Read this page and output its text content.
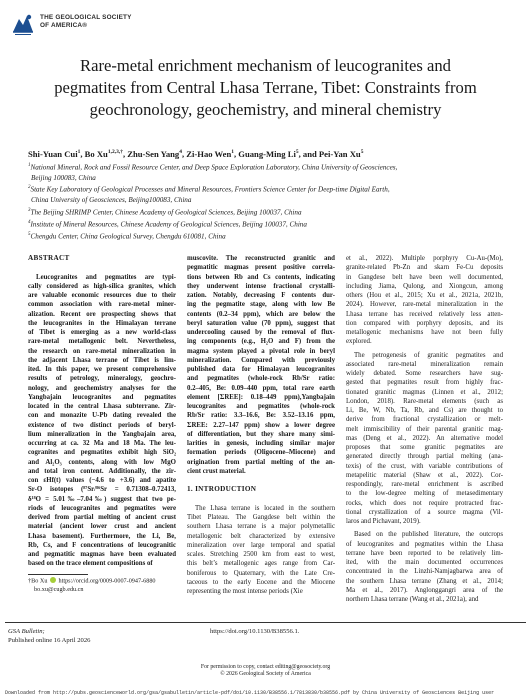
THE GEOLOGICAL SOCIETY
OF AMERICA®
Rare-metal enrichment mechanism of leucogranites and
pegmatites from Central Lhasa Terrane, Tibet: Constraints from
geochronology, geochemistry, and mineral chemistry
Shi-Yuan Cui$^1$, Bo $Xu^{1,2,3,\dagger}$, Zhu-Sen Yang$^4$, Zi-Hao Wen$^1$, Guang-Ming Li$^5$, and Pei-Yan Xu$^5$
$^1$National Mineral, Rock and Fossil Resource Center, and Deep Space Exploration Laboratory, China University of Geosciences,
Beijing 100083, China
$^2$State Key Laboratory of Geological Processes and Mineral Resources, Frontiers Science Center for Deep-time Digital Earth,
China University of Geosciences, Beijing100083, China
$^3$The Beijing SHRIMP Center, Chinese Academy of Geological Sciences, Beijing 100037, China
$^4$Institute of Mineral Resources, Chinese Academy of Geological Sciences, Beijing 100037, China
$^5$Chengdu Center, China Geological Survey, Chengdu 610081, China
ABSTRACT
Leucogranites and pegmatites are typi-
cally considered as high-silica granites, which
are valuable economic resources due to their
common association with rare-metal miner-
alization. Recent ore prospecting shows that
the leucogranites in the Himalayan terrane
of Tibet is emerging as a new world-class
rare-metal metallogenic belt. Nevertheless,
the research on rare-metal mineralization in
the adjacent Lhasa terrane of Tibet is lim-
ited. In this paper, we present comprehensive
results of petrology, mineralogy, geochro-
nology, and geochemistry analyses for the
Yangbajain leucogranites and pegmatites
located in the central Lhasa subterrane. Zir-
con and monazite U-Pb dating revealed the
existence of two distinct periods of beryl-
lium mineralization in the Yangbajain area,
occurring at ca. 32 Ma and 18 Ma. The leu-
cogranites and pegmatites exhibit high SiO₂
and Al₂O₃ contents, along with low MgO
and total iron content. Additionally, the zir-
con εHf(t) values (−4.6 to +3.6) and apatite
Sr-O isotopes (⁸⁷Sr/⁸⁶Sr = 0.71308–0.72413,
δ¹⁸O = 5.01‰–7.04‰) suggest that two pe-
riods of leucogranites and pegmatites were
derived from partial melting of ancient crust
material (ancient lower crust and ancient
Lhasa basement). Furthermore, the Li, Be,
Rb, Cs, and F concentrations of leucogranitic
and pegmatitic magmas have been evaluated
based on the trace element compositions of
muscovite. The reconstructed granitic and
pegmatitic magmas present positive correla-
tions between Rb and Cs contents, indicating
they underwent intense fractional crystalli-
zation. Notably, decreasing F contents dur-
ing the pegmatite stage, along with low Be
contents (0.2–34 ppm), which are below the
beryl saturation value (70 ppm), suggest that
undercooling caused by the removal of flux-
ing components (e.g., H₂O and F) from the
magma system played a pivotal role in beryl
mineralization. Compared with previously
published data for Himalayan leucogranites
and pegmatites (whole-rock Rb/Sr ratio:
0.2–405, Be: 0.09–440 ppm, total rare earth
element [ΣREE]: 0.18–449 ppm),Yangbajain
leucogranites and pegmatites (whole-rock
Rb/Sr ratio: 3.3–16.6, Be: 3.52–13.16 ppm,
ΣREE: 2.27–147 ppm) show a lower degree
of differentiation, but they share many simi-
larities in genesis, including similar major
formation periods (Oligocene–Miocene) and
origination from partial melting of the an-
cient crust material.
1. INTRODUCTION
The Lhasa terrane is located in the southern
Tibet Plateau. The Gangdese belt within the
southern Lhasa terrane is a major polymetallic
metallogenic belt characterized by extensive
mineralization over large temporal and spatial
scales. Stretching 2500 km from east to west,
this belt’s metallogenic ages range from Car-
boniferous to Quaternary, with the Late Cre-
taceous to the early Eocene and the Miocene
representing the most intense periods (Xie
et al., 2022). Multiple porphyry Cu-Au-(Mo),
granite-related Pb-Zn and skarn Fe-Cu deposits
in Gangdese belt have been well documented,
including Jiama, Qulong, and Xiongcun, among
others (Hou et al., 2015; Xu et al., 2021a, 2021b,
2024). However, rare-metal mineralization in the
Lhasa terrane has received relatively less atten-
tion compared with porphyry deposits, and its
metallogenic mechanisms have not been fully
explored.
The petrogenesis of granitic pegmatites and
associated rare-metal mineralization remain
widely debated. Some researchers have sug-
gested that pegmatites result from highly frac-
tionated granitic magmas (Linnen et al., 2012;
London, 2018). Rare-metal elements (such as
Li, Be, W, Nb, Ta, Rb, and Cs) are thought to
derive from fractional crystallization or melt-
melt immiscibility of their parental granitic mag-
mas (Deng et al., 2022). An alternative model
proposes that some granitic pegmatites are
generated directly through partial melting (ana-
texis) of the crust, with variable contributions of
metapelitic material (Shaw et al., 2022). Cor-
respondingly, rare-metal enrichment is ascribed
to the low-degree melting of metasedimentary
rocks, which does not require protracted frac-
tional crystallization of a source magma (Vil-
laros and Pichavant, 2019).
Based on the published literature, the outcrops
of leucogranites and pegmatites within the Lhasa
terrane have been reported to be relatively lim-
ited, with the main documented occurrences
concentrated in the Linzhi-Namjagbarwa area of
the southern Lhasa terrane (Zhang et al., 2014;
Ma et al., 2017). Anglonggangri area of the
northern Lhasa terrane (Wang et al., 2021a), and
†Bo Xu https://orcid.org/0009-0007-0947-6880
bo.xu@cugb.edu.cn
GSA Bulletin;
Published online 16 April 2026
https://doi.org/10.1130/B38556.1.
For permission to copy, contact editing@geosociety.org
© 2026 Geological Society of America
Downloaded from http://pubs.geoscienceworld.org/gsa/gsabulletin/article-pdf/doi/10.1130/B38556.1/7813830/b38556.pdf by China University of Geosciences Beijing user
